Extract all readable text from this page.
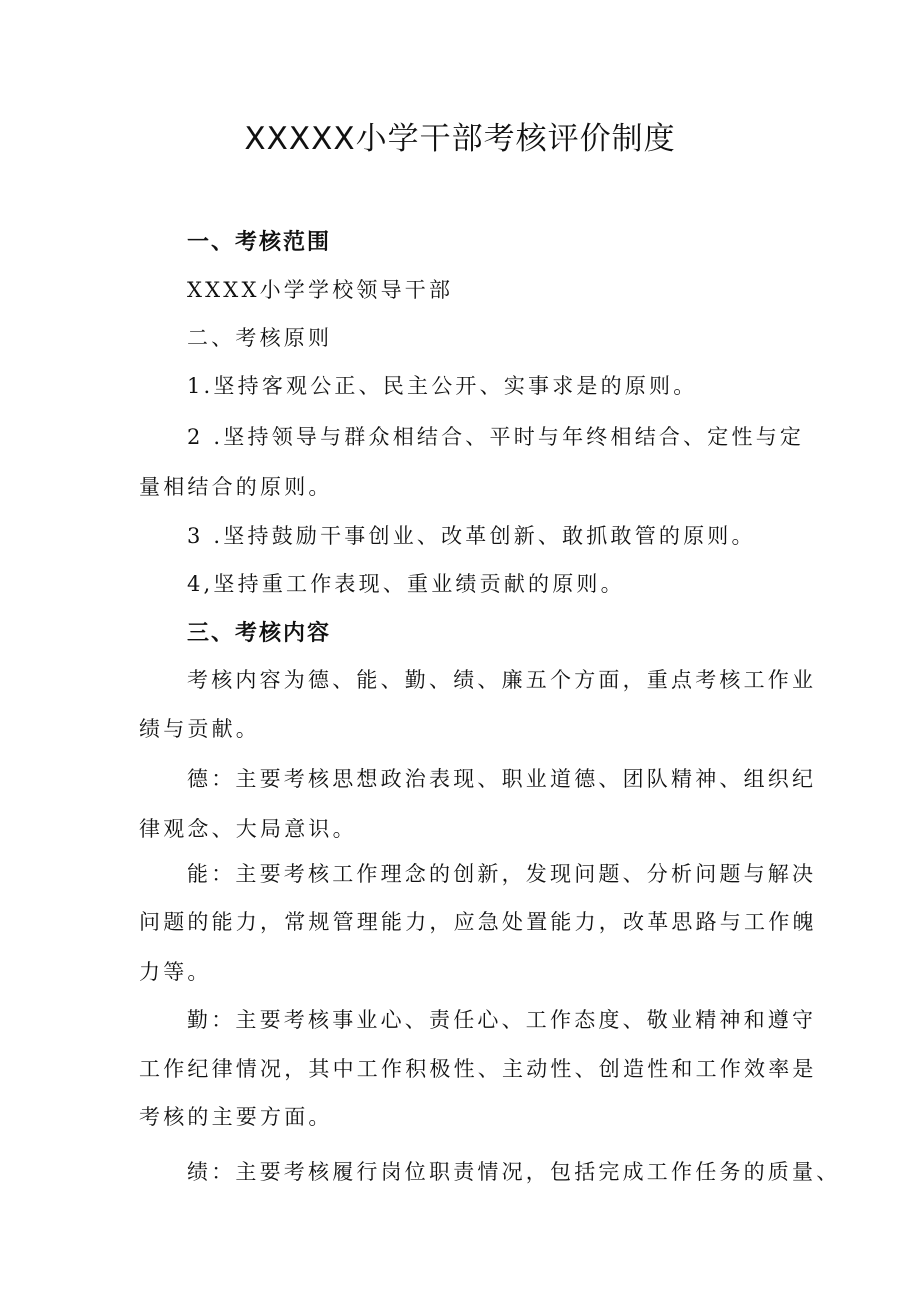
XXXXX小学干部考核评价制度
一、考核范围
XXXX小学学校领导干部
二、考核原则
1.坚持客观公正、民主公开、实事求是的原则。
2 .坚持领导与群众相结合、平时与年终相结合、定性与定
量相结合的原则。
3 .坚持鼓励干事创业、改革创新、敢抓敢管的原则。
4,坚持重工作表现、重业绩贡献的原则。
三、考核内容
考核内容为德、能、勤、绩、廉五个方面，重点考核工作业
绩与贡献。
德：主要考核思想政治表现、职业道德、团队精神、组织纪
律观念、大局意识。
能：主要考核工作理念的创新，发现问题、分析问题与解决
问题的能力，常规管理能力，应急处置能力，改革思路与工作魄
力等。
勤：主要考核事业心、责任心、工作态度、敬业精神和遵守
工作纪律情况，其中工作积极性、主动性、创造性和工作效率是
考核的主要方面。
绩：主要考核履行岗位职责情况，包括完成工作任务的质量、
